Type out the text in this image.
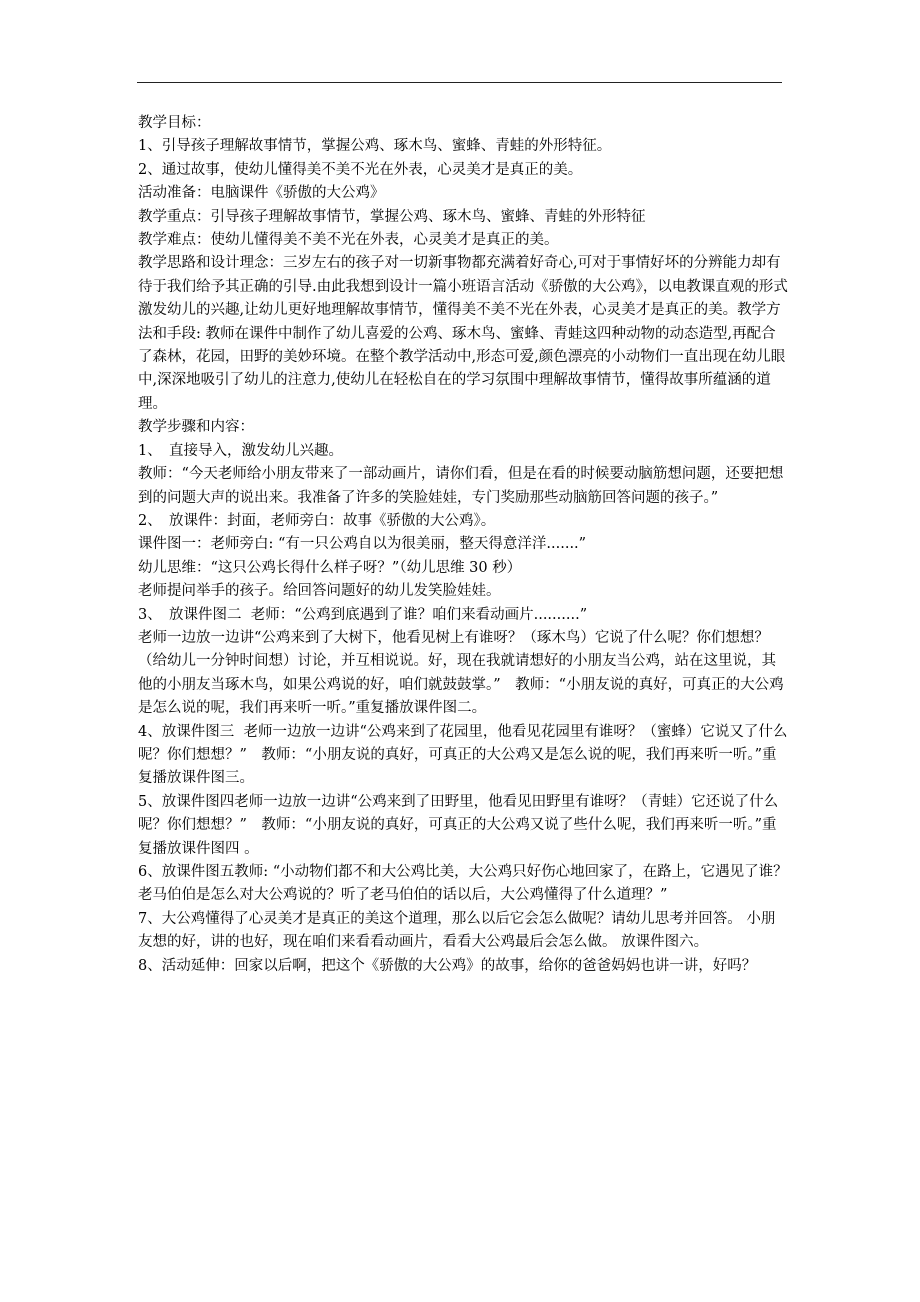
教学目标：

1、引导孩子理解故事情节，掌握公鸡、琢木鸟、蜜蜂、青蛙的外形特征。

2、通过故事，使幼儿懂得美不美不光在外表，心灵美才是真正的美。

活动准备：电脑课件《骄傲的大公鸡》

教学重点：引导孩子理解故事情节，掌握公鸡、琢木鸟、蜜蜂、青蛙的外形特征

教学难点：使幼儿懂得美不美不光在外表，心灵美才是真正的美。

教学思路和设计理念：三岁左右的孩子对一切新事物都充满着好奇心,可对于事情好坏的分辨能力却有待于我们给予其正确的引导.由此我想到设计一篇小班语言活动《骄傲的大公鸡》，以电教课直观的形式激发幼儿的兴趣,让幼儿更好地理解故事情节，懂得美不美不光在外表，心灵美才是真正的美。教学方法和手段: 教师在课件中制作了幼儿喜爱的公鸡、琢木鸟、蜜蜂、青蛙这四种动物的动态造型,再配合了森林，花园，田野的美妙环境。在整个教学活动中,形态可爱,颜色漂亮的小动物们一直出现在幼儿眼中,深深地吸引了幼儿的注意力,使幼儿在轻松自在的学习氛围中理解故事情节，懂得故事所蕴涵的道理。

教学步骤和内容：

1、　直接导入，激发幼儿兴趣。

教师：“今天老师给小朋友带来了一部动画片，请你们看，但是在看的时候要动脑筋想问题，还要把想到的问题大声的说出来。我准备了许多的笑脸娃娃，专门奖励那些动脑筋回答问题的孩子。”

2、　放课件：封面，老师旁白：故事《骄傲的大公鸡》。

课件图一：老师旁白: “有一只公鸡自以为很美丽，整天得意洋洋.......”

幼儿思维：“这只公鸡长得什么样子呀？”（幼儿思维 30 秒）

老师提问举手的孩子。给回答问题好的幼儿发笑脸娃娃。

3、　放课件图二  老师：“公鸡到底遇到了谁？咱们来看动画片..........”

老师一边放一边讲“公鸡来到了大树下，他看见树上有谁呀？（琢木鸟）它说了什么呢？你们想想？（给幼儿一分钟时间想）讨论，并互相说说。好，现在我就请想好的小朋友当公鸡，站在这里说，其他的小朋友当琢木鸟，如果公鸡说的好，咱们就鼓鼓掌。”　教师：“小朋友说的真好，可真正的大公鸡是怎么说的呢，我们再来听一听。”重复播放课件图二。

4、放课件图三  老师一边放一边讲“公鸡来到了花园里，他看见花园里有谁呀？（蜜蜂）它说又了什么呢？你们想想？”　教师：“小朋友说的真好，可真正的大公鸡又是怎么说的呢，我们再来听一听。”重复播放课件图三。

5、放课件图四老师一边放一边讲“公鸡来到了田野里，他看见田野里有谁呀？（青蛙）它还说了什么呢？你们想想？”　教师：“小朋友说的真好，可真正的大公鸡又说了些什么呢，我们再来听一听。”重复播放课件图四 。

6、放课件图五教师: “小动物们都不和大公鸡比美，大公鸡只好伤心地回家了，在路上，它遇见了谁？老马伯伯是怎么对大公鸡说的？听了老马伯伯的话以后，大公鸡懂得了什么道理？”

7、大公鸡懂得了心灵美才是真正的美这个道理，那么以后它会怎么做呢？请幼儿思考并回答。 小朋友想的好，讲的也好，现在咱们来看看动画片，看看大公鸡最后会怎么做。 放课件图六。

8、活动延伸：回家以后啊，把这个《骄傲的大公鸡》的故事，给你的爸爸妈妈也讲一讲，好吗？
